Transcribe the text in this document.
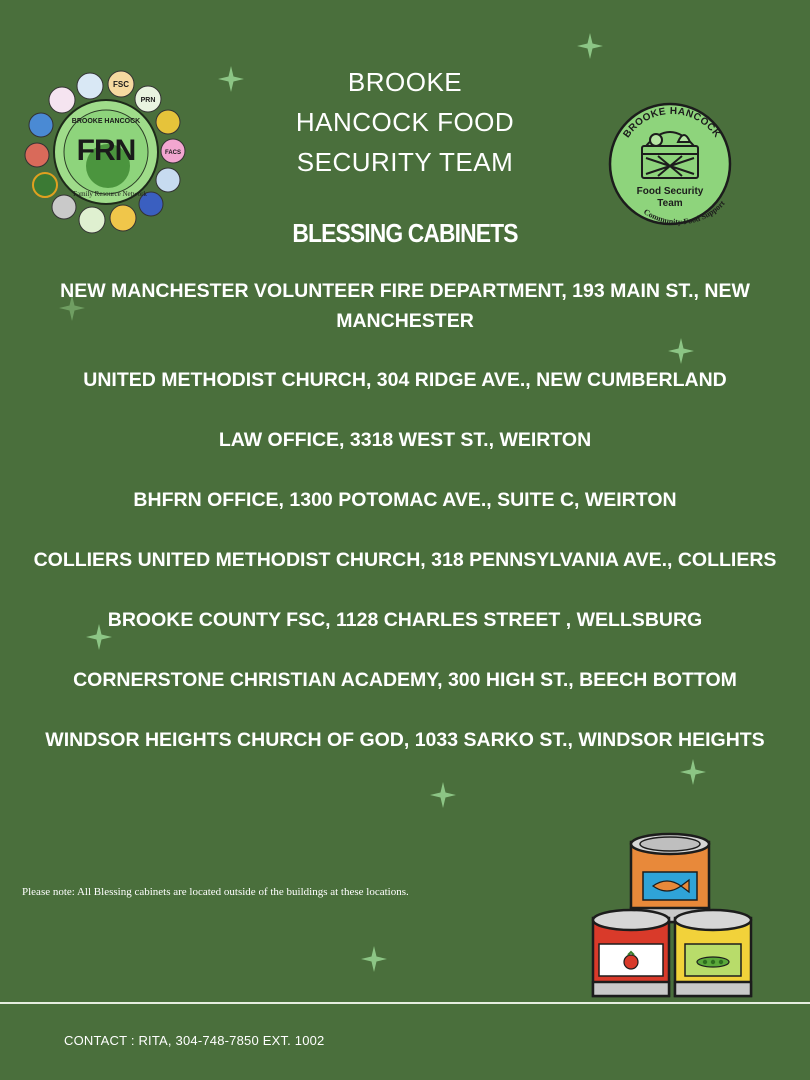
BROOKE HANCOCK
FRN
Family Resource Network
FSC
PRN
FACS
BROOKE
HANCOCK FOOD
SECURITY TEAM
BROOKE HANCOCK
Food Security
Team
Community Food Support
BLESSING CABINETS
NEW MANCHESTER VOLUNTEER FIRE DEPARTMENT, 193 MAIN ST., NEW MANCHESTER
UNITED METHODIST CHURCH, 304 RIDGE AVE., NEW CUMBERLAND
LAW OFFICE, 3318 WEST ST., WEIRTON
BHFRN OFFICE, 1300 POTOMAC AVE., SUITE C, WEIRTON
COLLIERS UNITED METHODIST CHURCH, 318 PENNSYLVANIA AVE., COLLIERS
BROOKE COUNTY FSC, 1128 CHARLES STREET , WELLSBURG
CORNERSTONE CHRISTIAN ACADEMY, 300 HIGH ST., BEECH BOTTOM
WINDSOR HEIGHTS CHURCH OF GOD, 1033 SARKO ST., WINDSOR HEIGHTS
Please note: All Blessing cabinets are located outside of the buildings at these locations.
CONTACT : RITA, 304-748-7850 EXT. 1002
